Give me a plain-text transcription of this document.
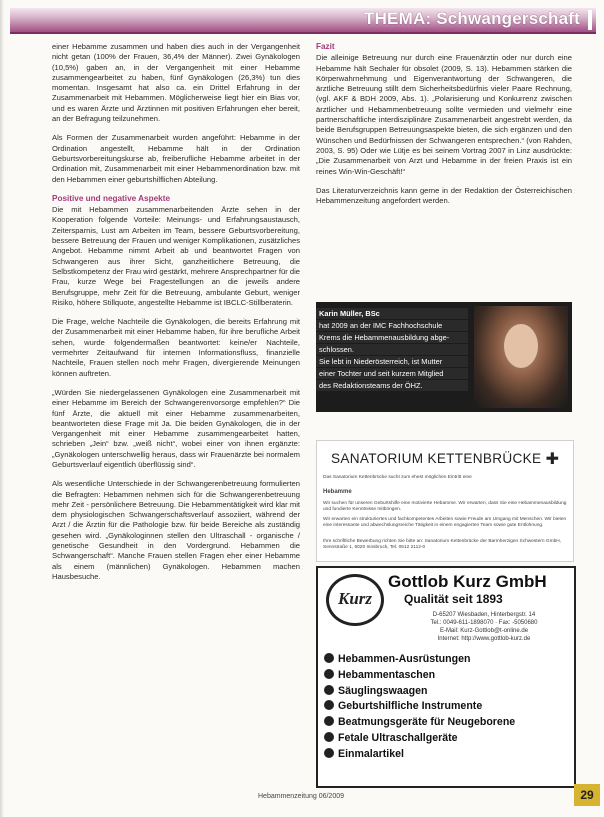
THEMA: Schwangerschaft

einer Hebamme zusammen und haben dies auch in der Vergangenheit nicht getan (100% der Frauen, 36,4% der Männer). Zwei Gynäkologen (10,5%) gaben an, in der Vergangenheit mit einer Hebamme zusammengearbeitet zu haben, fünf Gynäkologen (26,3%) tun dies momentan. Insgesamt hat also ca. ein Drittel Erfahrung in der Zusammenarbeit mit Hebammen. Möglicherweise liegt hier ein Bias vor, und es waren Ärzte und Ärztinnen mit positiven Erfahrungen eher bereit, an der Befragung teilzunehmen.

Als Formen der Zusammenarbeit wurden angeführt: Hebamme in der Ordination angestellt, Hebamme hält in der Ordination Geburtsvorbereitungskurse ab, freiberufliche Hebamme arbeitet in der Ordination mit, Zusammenarbeit mit einer Hebammenordination bzw. mit den Hebammen einer geburtshilflichen Abteilung.

Positive und negative Aspekte

Die mit Hebammen zusammenarbeitenden Ärzte sehen in der Kooperation folgende Vorteile: Meinungs- und Erfahrungsaustausch, Zeitersparnis, Lust am Arbeiten im Team, bessere Geburtsvorbereitung, bessere Betreuung der Frauen und weniger Komplikationen, zusätzliches Angebot. Hebamme nimmt Arbeit ab und beantwortet Fragen von Schwangeren aus ihrer Sicht, ganzheitlichere Betreuung, die Selbstkompetenz der Frau wird gestärkt, mehrere Ansprechpartner für die Frau, kurze Wege bei Fragestellungen an die jeweils andere Berufsgruppe, mehr Zeit für die Betreuung, ambulante Geburt, weniger Risiko, höhere Stillquote, angestellte Hebamme ist IBCLC-Stillberaterin.

Die Frage, welche Nachteile die Gynäkologen, die bereits Erfahrung mit der Zusammenarbeit mit einer Hebamme haben, für ihre berufliche Arbeit sehen, wurde folgendermaßen beantwortet: keine/er Nachteile, vermehrter Zeitaufwand für internen Informationsfluss, finanzielle Nachteile, Frauen stellen noch mehr Fragen, divergierende Meinungen können auftreten.

„Würden Sie niedergelassenen Gynäkologen eine Zusammenarbeit mit einer Hebamme im Bereich der Schwangerenvorsorge empfehlen?“ Die fünf Ärzte, die aktuell mit einer Hebamme zusammenarbeiten, beantworteten diese Frage mit Ja. Die beiden Gynäkologen, die in der Vergangenheit mit einer Hebamme zusammengearbeitet hatten, schrieben „Jein“ bzw. „weiß nicht“, wobei einer von ihnen ergänzte: „Gynäkologen unterschwellig heraus, dass wir Frauenärzte bei normalem Geburtsverlauf eigentlich überflüssig sind“.

Als wesentliche Unterschiede in der Schwangerenbetreuung formulierten die Befragten: Hebammen nehmen sich für die Schwangerenbetreuung mehr Zeit - persönlichere Betreuung. Die Hebammentätigkeit wird klar mit dem physiologischen Schwangerschaftsverlauf assoziiert, während der Arzt / die Ärztin für die Pathologie bzw. für beide Bereiche als zuständig gesehen wird. „Gynäkologinnen stellen den Ultraschall - organische / genetische Gesundheit in den Vordergrund. Hebammen die Schwangerschaft“. Manche Frauen stellen Fragen eher einer Hebamme als einem (männlichen) Gynäkologen. Hebammen machen Hausbesuche.

Fazit

Die alleinige Betreuung nur durch eine Frauenärztin oder nur durch eine Hebamme hält Sechaler für obsolet (2009, S. 13). Hebammen stärken die Körperwahrnehmung und Eigenverantwortung der Schwangeren, die ärztliche Betreuung stillt dem Sicherheitsbedürfnis vieler Paare Rechnung, (vgl. AKF & BDH 2009, Abs. 1). „Polarisierung und Konkurrenz zwischen ärztlicher und Hebammenbetreuung sollte vermieden und vielmehr eine partnerschaftliche interdisziplinäre Zusammenarbeit angestrebt werden, da beide Berufsgruppen Betreuungsaspekte bieten, die sich ergänzen und den Wünschen und Bedürfnissen der Schwangeren entsprechen.“ (von Rahden, 2003, S. 95) Oder wie Lütje es bei seinem Vortrag 2007 in Linz ausdrückte: „Die Zusammenarbeit von Arzt und Hebamme in der freien Praxis ist ein reines Win-Win-Geschäft!“

Das Literaturverzeichnis kann gerne in der Redaktion der Österreichischen Hebammenzeitung angefordert werden.

Karin Müller, BSc
hat 2009 an der IMC Fachhochschule
Krems die Hebammenausbildung abge-
schlossen.
Sie lebt in Niederösterreich, ist Mutter
einer Tochter und seit kurzem Mitglied
des Redaktionsteams der ÖHZ.
SANATORIUM KETTENBRÜCKE ✚
Das Sanatorium Kettenbrücke sucht zum ehest möglichen Eintritt eine
Hebamme
Wir suchen für unseren Geburtshilfe eine motivierte Hebamme. Wir erwarten, dass Sie eine Hebammenausbildung und fundierte Kenntnisse mitbringen.
Wir erwarten ein strukturiertes und fachkompetentes Arbeiten sowie Freude am Umgang mit Menschen. Wir bieten eine interessante und abwechslungsreiche Tätigkeit in einem engagierten Team sowie gute Entlohnung.
Ihre schriftliche Bewerbung richten Sie bitte an: Sanatorium Kettenbrücke der Barmherzigen Schwestern GmbH, Sennstraße 1, 6020 Innsbruck, Tel. 0512 2112-0
Kurz
Gottlob Kurz GmbH
Qualität seit 1893
D-65207 Wiesbaden, Hinterbergstr. 14
Tel.: 0049-611-1898070 · Fax: -5050680
E-Mail: Kurz-Gottlob@t-online.de
Internet: http://www.gottlob-kurz.de
Hebammen-Ausrüstungen
Hebammentaschen
Säuglingswaagen
Geburtshilfliche Instrumente
Beatmungsgeräte für Neugeborene
Fetale Ultraschallgeräte
Einmalartikel
Hebammenzeitung 06/2009	29
